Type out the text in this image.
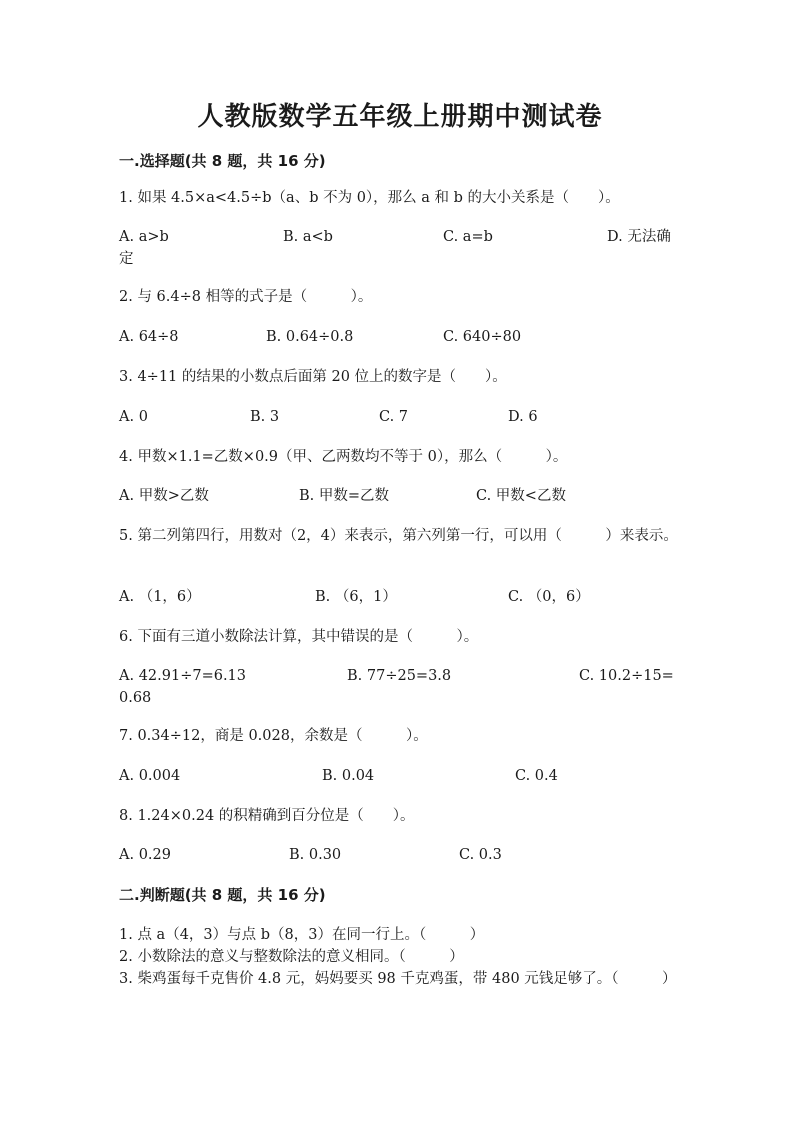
人教版数学五年级上册期中测试卷
一.选择题(共 8 题，共 16 分)
1. 如果 4.5×a<4.5÷b（a、b 不为 0），那么 a 和 b 的大小关系是（　　）。
A. a>b	B. a<b	C. a=b	D. 无法确
定
2. 与 6.4÷8 相等的式子是（　　　）。
A. 64÷8	B. 0.64÷0.8	C. 640÷80
3. 4÷11 的结果的小数点后面第 20 位上的数字是（　　）。
A. 0	B. 3	C. 7	D. 6
4. 甲数×1.1=乙数×0.9（甲、乙两数均不等于 0），那么（　　　）。
A. 甲数>乙数	B. 甲数=乙数	C. 甲数<乙数
5. 第二列第四行，用数对（2，4）来表示，第六列第一行，可以用（　　　）来表示。
A. （1，6）	B. （6，1）	C. （0，6）
6. 下面有三道小数除法计算，其中错误的是（　　　）。
A. 42.91÷7=6.13	B. 77÷25=3.8	C. 10.2÷15=
0.68
7. 0.34÷12，商是 0.028，余数是（　　　）。
A. 0.004	B. 0.04	C. 0.4
8. 1.24×0.24 的积精确到百分位是（　　）。
A. 0.29	B. 0.30	C. 0.3
二.判断题(共 8 题，共 16 分)
1. 点 a（4，3）与点 b（8，3）在同一行上。（　　　）
2. 小数除法的意义与整数除法的意义相同。（　　　）
3. 柴鸡蛋每千克售价 4.8 元，妈妈要买 98 千克鸡蛋，带 480 元钱足够了。（　　　）
